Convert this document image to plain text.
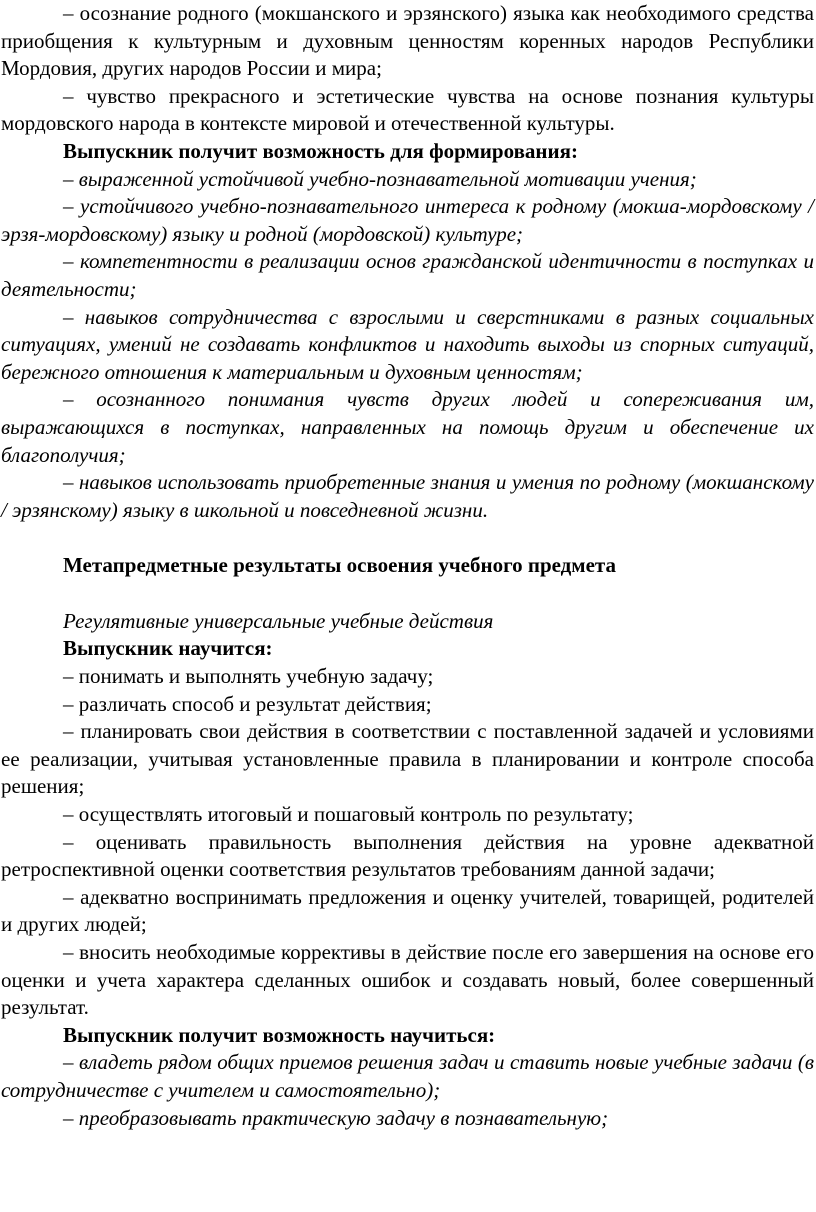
– осознание родного (мокшанского и эрзянского) языка как необходимого средства приобщения к культурным и духовным ценностям коренных народов Республики Мордовия, других народов России и мира;

– чувство прекрасного и эстетические чувства на основе познания культуры мордовского народа в контексте мировой и отечественной культуры.

Выпускник получит возможность для формирования:

– выраженной устойчивой учебно-познавательной мотивации учения;

– устойчивого учебно-познавательного интереса к родному (мокша-мордовскому / эрзя-мордовскому) языку и родной (мордовской) культуре;

– компетентности в реализации основ гражданской идентичности в поступках и деятельности;

– навыков сотрудничества с взрослыми и сверстниками в разных социальных ситуациях, умений не создавать конфликтов и находить выходы из спорных ситуаций, бережного отношения к материальным и духовным ценностям;

– осознанного понимания чувств других людей и сопереживания им, выражающихся в поступках, направленных на помощь другим и обеспечение их благополучия;

– навыков использовать приобретенные знания и умения по родному (мокшанскому / эрзянскому) языку в школьной и повседневной жизни.

Метапредметные результаты освоения учебного предмета

Регулятивные универсальные учебные действия

Выпускник научится:

– понимать и выполнять учебную задачу;

– различать способ и результат действия;

– планировать свои действия в соответствии с поставленной задачей и условиями ее реализации, учитывая установленные правила в планировании и контроле способа решения;

– осуществлять итоговый и пошаговый контроль по результату;

– оценивать правильность выполнения действия на уровне адекватной ретроспективной оценки соответствия результатов требованиям данной задачи;

– адекватно воспринимать предложения и оценку учителей, товарищей, родителей и других людей;

– вносить необходимые коррективы в действие после его завершения на основе его оценки и учета характера сделанных ошибок и создавать новый, более совершенный результат.

Выпускник получит возможность научиться:

– владеть рядом общих приемов решения задач и ставить новые учебные задачи (в сотрудничестве с учителем и самостоятельно);

– преобразовывать практическую задачу в познавательную;
